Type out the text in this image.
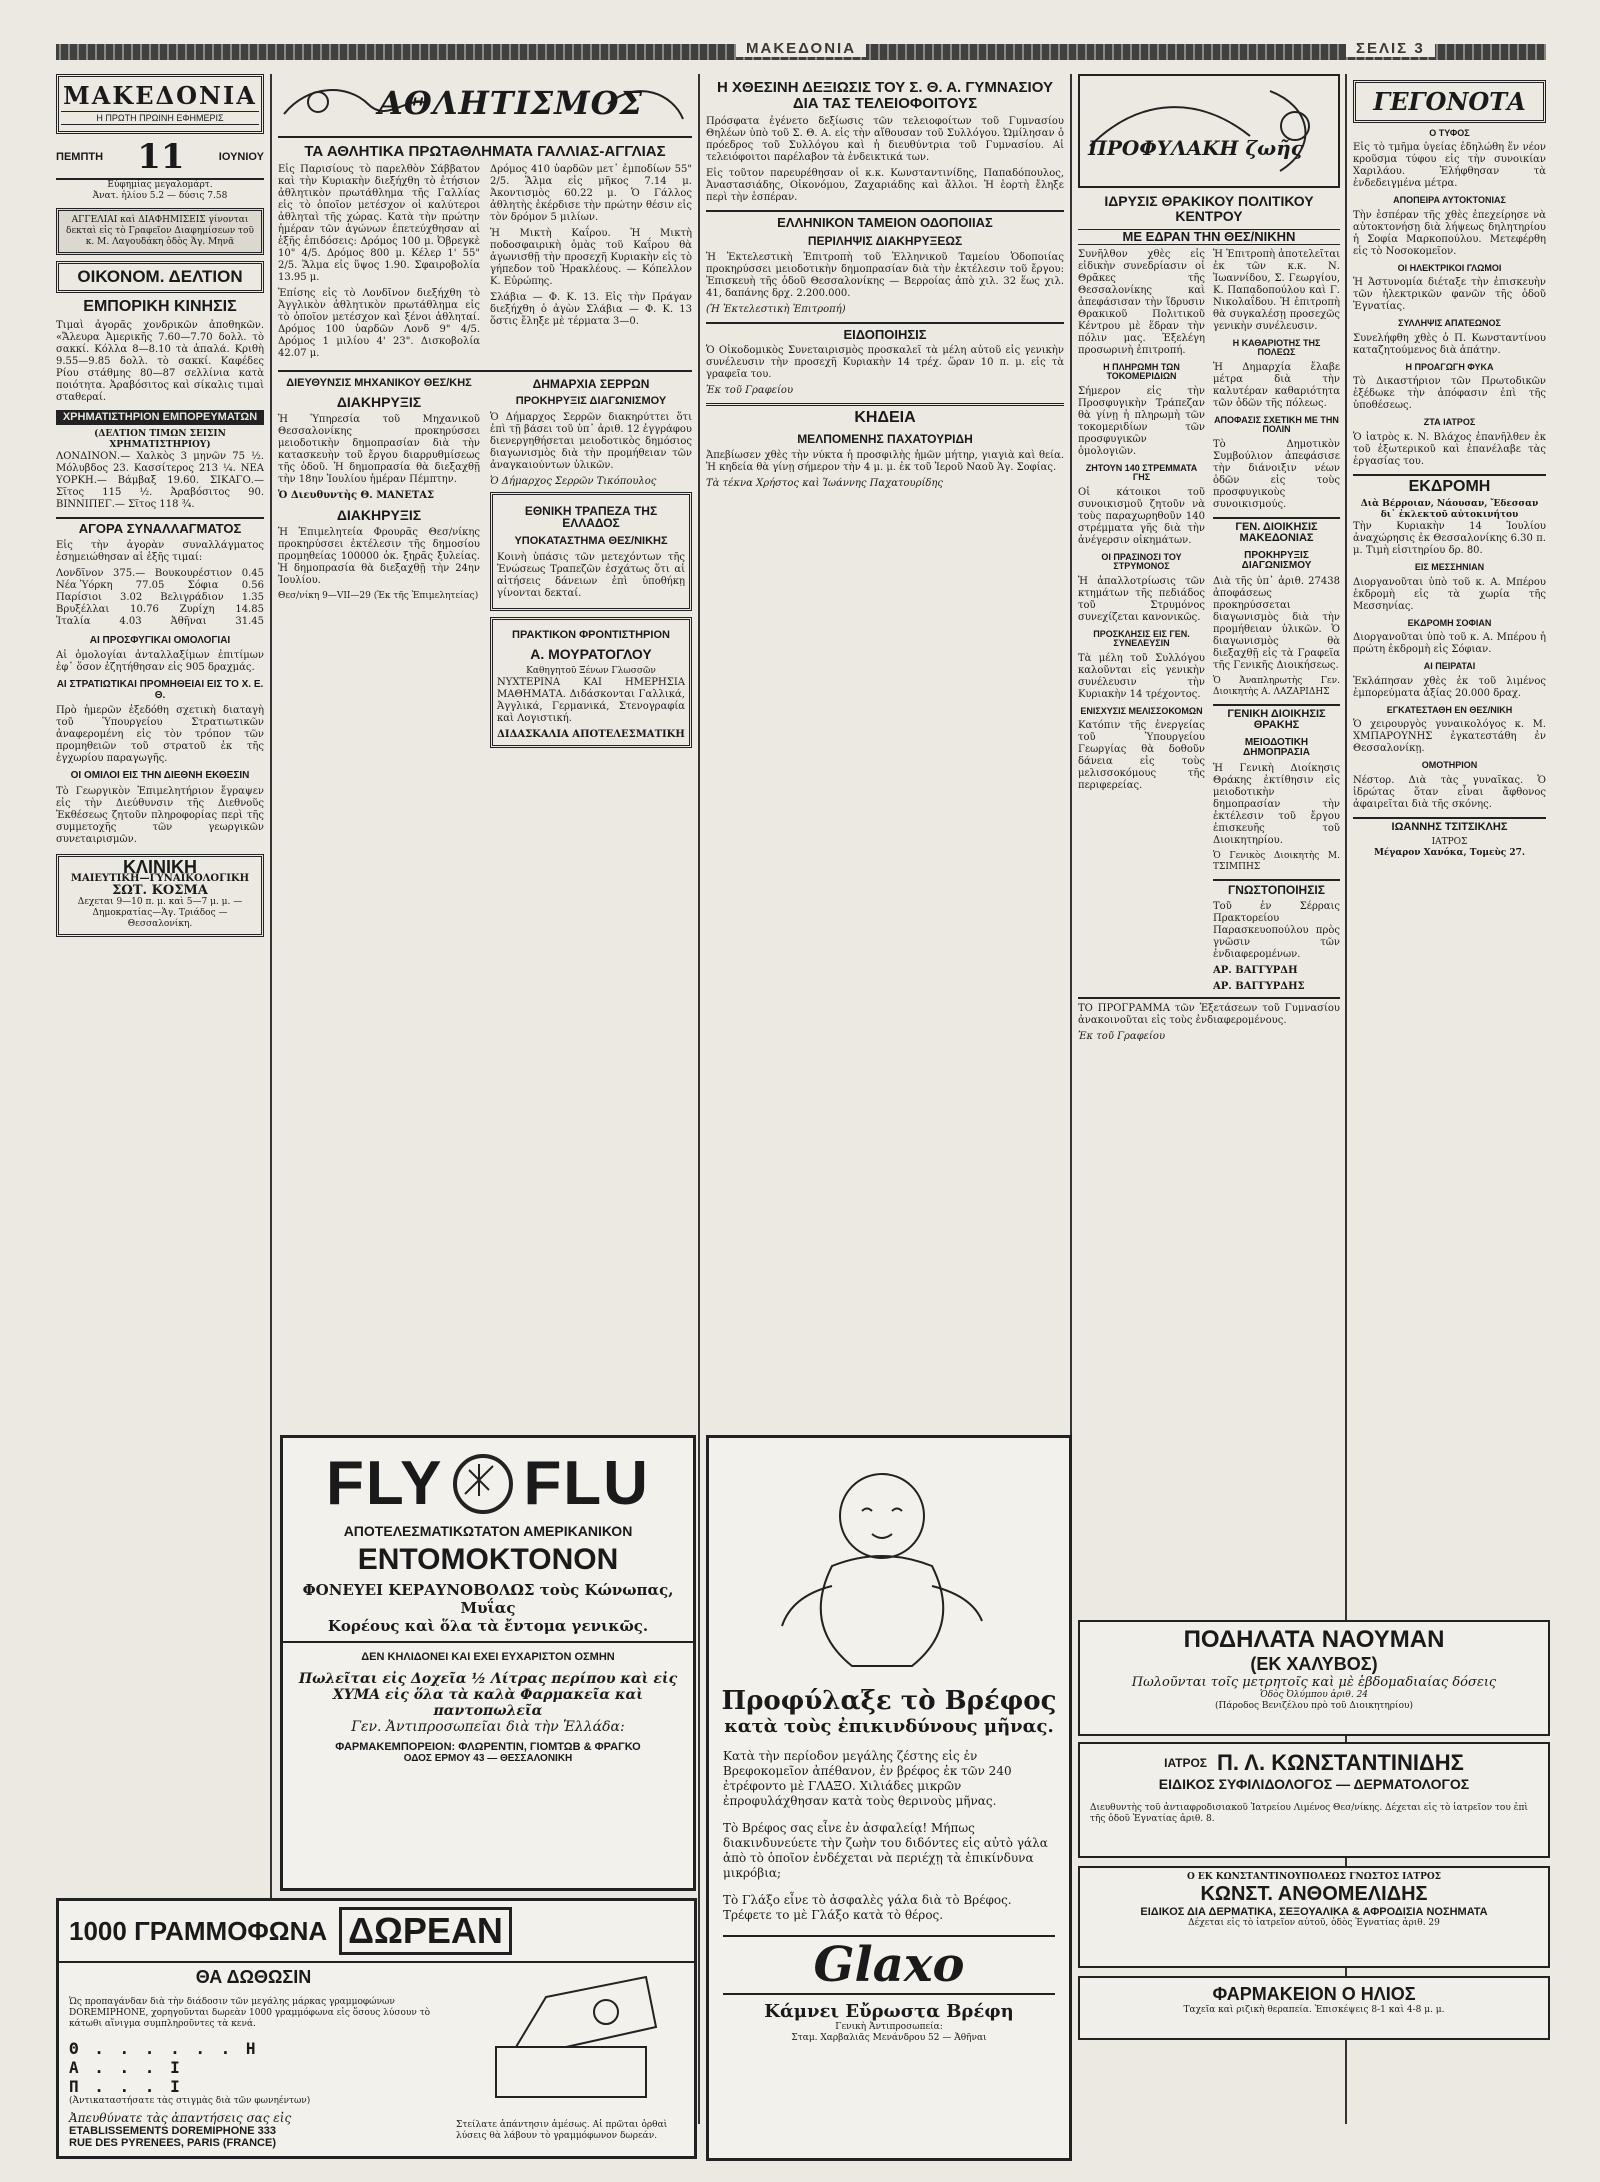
ΜΑΚΕΔΟΝΙΑ	ΣΕΛΙΣ 3
ΜΑΚΕΔΟΝΙΑ
Η ΠΡΩΤΗ ΠΡΩΙΝΗ ΕΦΗΜΕΡΙΣ
ΠΕΜΠΤΗ 11	ΙΟΥΝΙΟΥ
Εὐφημίας μεγαλομάρτ.
Ἀνατ. ἡλίου 5.2 — δύσις 7.58
ΑΓΓΕΛΙΑΙ καὶ ΔΙΑΦΗΜΙΣΕΙΣ γίνονται δεκταὶ εἰς τὸ Γραφεῖον Διαφημίσεων τοῦ κ. Μ. Λαγουδάκη ὁδὸς Ἁγ. Μηνᾶ
ΟΙΚΟΝΟΜ. ΔΕΛΤΙΟΝ
ΕΜΠΟΡΙΚΗ ΚΙΝΗΣΙΣ

Τιμαὶ ἀγορᾶς χονδρικῶν ἀποθηκῶν. «Ἄλευρα Ἀμερικῆς 7.60—7.70 δολλ. τὸ σακκί. Κόλλα 8—8.10 τὰ ἀπαλά. Κριθὴ 9.55—9.85 δολλ. τὸ σακκί. Καφέδες Ρίου στάθμης 80—87 σελλίνια κατὰ ποιότητα. Ἀραβόσιτος καὶ σίκαλις τιμαὶ σταθεραί.

ΧΡΗΜΑΤΙΣΤΗΡΙΟΝ ΕΜΠΟΡΕΥΜΑΤΩΝ
(ΔΕΛΤΙΟΝ ΤΙΜΩΝ ΣΕΙΣΙΝ ΧΡΗΜΑΤΙΣΤΗΡΙΟΥ)

ΛΟΝΔΙΝΟΝ.— Χαλκὸς 3 μηνῶν 75 ½. Μόλυβδος 23. Κασσίτερος 213 ¼. ΝΕΑ ΥΟΡΚΗ.— Βάμβαξ 19.60. ΣΙΚΑΓΟ.— Σῖτος 115 ½. Ἀραβόσιτος 90. ΒΙΝΝΙΠΕΓ.— Σῖτος 118 ¾.

ΑΓΟΡΑ ΣΥΝΑΛΛΑΓΜΑΤΟΣ

Εἰς τὴν ἀγορὰν συναλλάγματος ἐσημειώθησαν αἱ ἑξῆς τιμαί:

Λονδῖνον 375.— Βουκουρέστιον 0.45
Νέα Ὑόρκη 77.05 Σόφια 0.56
Παρίσιοι 3.02 Βελιγράδιον 1.35
Βρυξέλλαι 10.76 Ζυρίχη 14.85
Ἰταλία	4.03	Ἀθῆναι	31.45
ΑΙ ΠΡΟΣΦΥΓΙΚΑΙ ΟΜΟΛΟΓΙΑΙ

Αἱ ὁμολογίαι ἀνταλλαξίμων ἐπιτίμων ἐφ᾽ ὅσον ἐζητήθησαν εἰς 905 δραχμάς.

ΑΙ ΣΤΡΑΤΙΩΤΙΚΑΙ ΠΡΟΜΗΘΕΙΑΙ ΕΙΣ ΤΟ Χ. Ε. Θ.

Πρὸ ἡμερῶν ἐξεδόθη σχετικὴ διαταγὴ τοῦ Ὑπουργείου Στρατιωτικῶν ἀναφερομένη εἰς τὸν τρόπον τῶν προμηθειῶν τοῦ στρατοῦ ἐκ τῆς ἐγχωρίου παραγωγῆς.

ΟΙ ΟΜΙΛΟΙ ΕΙΣ ΤΗΝ ΔΙΕΘΝΗ ΕΚΘΕΣΙΝ

Τὸ Γεωργικὸν Ἐπιμελητήριον ἔγραψεν εἰς τὴν Διεύθυνσιν τῆς Διεθνοῦς Ἐκθέσεως ζητοῦν πληροφορίας περὶ τῆς συμμετοχῆς τῶν γεωργικῶν συνεταιρισμῶν.

ΚΛΙΝΙΚΗ
ΜΑΙΕΥΤΙΚΗ—ΓΥΝΑΙΚΟΛΟΓΙΚΗ
ΣΩΤ. ΚΟΣΜΑ
Δεχεται 9—10 π. μ. καὶ 5—7 μ. μ. — Δημοκρατίας—Ἁγ. Τριάδος — Θεσσαλονίκη.
ΑΘΛΗΤΙΣΜΟΣ
ΤΑ ΑΘΛΗΤΙΚΑ ΠΡΩΤΑΘΛΗΜΑΤΑ ΓΑΛΛΙΑΣ-ΑΓΓΛΙΑΣ

Εἰς Παρισίους τὸ παρελθὸν Σάββατον καὶ τὴν Κυριακὴν διεξήχθη τὸ ἐτήσιον ἀθλητικὸν πρωτάθλημα τῆς Γαλλίας εἰς τὸ ὁποῖον μετέσχον οἱ καλύτεροι ἀθληταὶ τῆς χώρας. Κατὰ τὴν πρώτην ἡμέραν τῶν ἀγώνων ἐπετεύχθησαν αἱ ἑξῆς ἐπιδόσεις: Δρόμος 100 μ. Ὀβρεγκὲ 10" 4/5. Δρόμος 800 μ. Κέλερ 1' 55" 2/5. Ἅλμα εἰς ὕψος 1.90. Σφαιροβολία 13.95 μ.

Ἐπίσης εἰς τὸ Λονδῖνον διεξήχθη τὸ Ἀγγλικὸν ἀθλητικὸν πρωτάθλημα εἰς τὸ ὁποῖον μετέσχον καὶ ξένοι ἀθληταί. Δρόμος 100 ὑαρδῶν Λονδ 9" 4/5. Δρόμος 1 μιλίου 4' 23". Δισκοβολία 42.07 μ.

Δρόμος 410 ὑαρδῶν μετ᾽ ἐμποδίων 55" 2/5. Ἅλμα εἰς μῆκος 7.14 μ. Ἀκοντισμὸς 60.22 μ. Ὁ Γάλλος ἀθλητὴς ἐκέρδισε τὴν πρώτην θέσιν εἰς τὸν δρόμον 5 μιλίων.

Ἡ Μικτὴ Καΐρου. Ἡ Μικτὴ ποδοσφαιρικὴ ὁμὰς τοῦ Καΐρου θὰ ἀγωνισθῇ τὴν προσεχῆ Κυριακὴν εἰς τὸ γήπεδον τοῦ Ἡρακλέους. — Κόπελλον Κ. Εὐρώπης.

Σλάβια — Φ. Κ. 13. Εἰς τὴν Πράγαν διεξήχθη ὁ ἀγὼν Σλάβια — Φ. Κ. 13 ὅστις ἔληξε μὲ τέρματα 3—0.

ΔΙΕΥΘΥΝΣΙΣ ΜΗΧΑΝΙΚΟΥ ΘΕΣ/ΚΗΣ
ΔΙΑΚΗΡΥΞΙΣ

Ἡ Ὑπηρεσία τοῦ Μηχανικοῦ Θεσσαλονίκης προκηρύσσει μειοδοτικὴν δημοπρασίαν διὰ τὴν κατασκευὴν τοῦ ἔργου διαρρυθμίσεως τῆς ὁδοῦ. Ἡ δημοπρασία θὰ διεξαχθῇ τὴν 18ην Ἰουλίου ἡμέραν Πέμπτην.

Ὁ Διευθυντὴς Θ. ΜΑΝΕΤΑΣ

ΔΙΑΚΗΡΥΞΙΣ

Ἡ Ἐπιμελητεία Φρουρᾶς Θεσ/νίκης προκηρύσσει ἐκτέλεσιν τῆς δημοσίου προμηθείας 100000 ὀκ. ξηρᾶς ξυλείας. Ἡ δημοπρασία θὰ διεξαχθῇ τὴν 24ην Ἰουλίου.

Θεσ/νίκη 9—VII—29 (Ἐκ τῆς Ἐπιμελητείας)

ΔΗΜΑΡΧΙΑ ΣΕΡΡΩΝ
ΠΡΟΚΗΡΥΞΙΣ ΔΙΑΓΩΝΙΣΜΟΥ

Ὁ Δήμαρχος Σερρῶν διακηρύττει ὅτι ἐπὶ τῇ βάσει τοῦ ὑπ᾽ ἀριθ. 12 ἐγγράφου διενεργηθήσεται μειοδοτικὸς δημόσιος διαγωνισμὸς διὰ τὴν προμήθειαν τῶν ἀναγκαιούντων ὑλικῶν.

Ὁ Δήμαρχος Σερρῶν Τικόπουλος

ΕΘΝΙΚΗ ΤΡΑΠΕΖΑ ΤΗΣ ΕΛΛΑΔΟΣ
ΥΠΟΚΑΤΑΣΤΗΜΑ ΘΕΣ/ΝΙΚΗΣ

Κοινὴ ὑπάσις τῶν μετεχόντων τῆς Ἐνώσεως Τραπεζῶν ἐσχάτως ὅτι αἱ αἰτήσεις δάνειων ἐπὶ ὑποθήκῃ γίνονται δεκταί.

ΠΡΑΚΤΙΚΟΝ ΦΡΟΝΤΙΣΤΗΡΙΟΝ
Α. ΜΟΥΡΑΤΟΓΛΟΥ
Καθηγητοῦ Ξένων Γλωσσῶν

ΝΥΧΤΕΡΙΝΑ ΚΑΙ ΗΜΕΡΗΣΙΑ ΜΑΘΗΜΑΤΑ. Διδάσκονται Γαλλικά, Ἀγγλικά, Γερμανικά, Στενογραφία καὶ Λογιστική.

ΔΙΔΑΣΚΑΛΙΑ ΑΠΟΤΕΛΕΣΜΑΤΙΚΗ
Η ΧΘΕΣΙΝΗ ΔΕΞΙΩΣΙΣ ΤΟΥ Σ. Θ. Α. ΓΥΜΝΑΣΙΟΥ ΔΙΑ ΤΑΣ ΤΕΛΕΙΟΦΟΙΤΟΥΣ

Πρόσφατα ἐγένετο δεξίωσις τῶν τελειοφοίτων τοῦ Γυμνασίου Θηλέων ὑπὸ τοῦ Σ. Θ. Α. εἰς τὴν αἴθουσαν τοῦ Συλλόγου. Ὡμίλησαν ὁ πρόεδρος τοῦ Συλλόγου καὶ ἡ διευθύντρια τοῦ Γυμνασίου. Αἱ τελειόφοιτοι παρέλαβον τὰ ἐνδεικτικά των.

Εἰς τοῦτον παρευρέθησαν οἱ κ.κ. Κωνσταντινίδης, Παπαδόπουλος, Ἀναστασιάδης, Οἰκονόμου, Ζαχαριάδης καὶ ἄλλοι. Ἡ ἑορτὴ ἔληξε περὶ τὴν ἑσπέραν.

ΕΛΛΗΝΙΚΟΝ ΤΑΜΕΙΟΝ ΟΔΟΠΟΙΙΑΣ
ΠΕΡΙΛΗΨΙΣ ΔΙΑΚΗΡΥΞΕΩΣ

Ἡ Ἐκτελεστικὴ Ἐπιτροπὴ τοῦ Ἑλληνικοῦ Ταμείου Ὁδοποιίας προκηρύσσει μειοδοτικὴν δημοπρασίαν διὰ τὴν ἐκτέλεσιν τοῦ ἔργου: Ἐπισκευὴ τῆς ὁδοῦ Θεσσαλονίκης — Βερροίας ἀπὸ χιλ. 32 ἕως χιλ. 41, δαπάνης δρχ. 2.200.000.

(Ἡ Ἐκτελεστικὴ Ἐπιτροπή)

ΕΙΔΟΠΟΙΗΣΙΣ

Ὁ Οἰκοδομικὸς Συνεταιρισμὸς προσκαλεῖ τὰ μέλη αὐτοῦ εἰς γενικὴν συνέλευσιν τὴν προσεχῆ Κυριακὴν 14 τρέχ. ὥραν 10 π. μ. εἰς τὰ γραφεῖα του.

Ἐκ τοῦ Γραφείου

ΚΗΔΕΙΑ
ΜΕΛΠΟΜΕΝΗΣ ΠΑΧΑΤΟΥΡΙΔΗ

Ἀπεβίωσεν χθὲς τὴν νύκτα ἡ προσφιλὴς ἡμῶν μήτηρ, γιαγιὰ καὶ θεία. Ἡ κηδεία θὰ γίνῃ σήμερον τὴν 4 μ. μ. ἐκ τοῦ Ἱεροῦ Ναοῦ Ἁγ. Σοφίας.

Τὰ τέκνα Χρήστος καὶ Ἰωάννης Παχατουρίδης

ΠΡΟΦΥΛΑΚΗ ζωῆς
ΙΔΡΥΣΙΣ ΘΡΑΚΙΚΟΥ ΠΟΛΙΤΙΚΟΥ ΚΕΝΤΡΟΥ
ΜΕ ΕΔΡΑΝ ΤΗΝ ΘΕΣ/ΝΙΚΗΝ

Συνῆλθον χθὲς εἰς εἰδικὴν συνεδρίασιν οἱ Θρᾶκες τῆς Θεσσαλονίκης καὶ ἀπεφάσισαν τὴν ἵδρυσιν Θρακικοῦ Πολιτικοῦ Κέντρου μὲ ἕδραν τὴν πόλιν μας. Ἐξελέγη προσωρινὴ ἐπιτροπή.

Η ΠΛΗΡΩΜΗ ΤΩΝ ΤΟΚΟΜΕΡΙΔΙΩΝ

Σήμερον εἰς τὴν Προσφυγικὴν Τράπεζαν θὰ γίνῃ ἡ πληρωμὴ τῶν τοκομεριδίων τῶν προσφυγικῶν ὁμολογιῶν.

ΖΗΤΟΥΝ 140 ΣΤΡΕΜΜΑΤΑ ΓΗΣ

Οἱ κάτοικοι τοῦ συνοικισμοῦ ζητοῦν νὰ τοὺς παραχωρηθοῦν 140 στρέμματα γῆς διὰ τὴν ἀνέγερσιν οἰκημάτων.

ΟΙ ΠΡΑΣΙΝΟΣΙ ΤΟΥ ΣΤΡΥΜΟΝΟΣ

Ἡ ἀπαλλοτρίωσις τῶν κτημάτων τῆς πεδιάδος τοῦ Στρυμόνος συνεχίζεται κανονικῶς.

ΠΡΟΣΚΛΗΣΙΣ ΕΙΣ ΓΕΝ. ΣΥΝΕΛΕΥΣΙΝ

Τὰ μέλη τοῦ Συλλόγου καλοῦνται εἰς γενικὴν συνέλευσιν τὴν Κυριακὴν 14 τρέχοντος.

ΕΝΙΣΧΥΣΙΣ ΜΕΛΙΣΣΟΚΟΜΩΝ

Κατόπιν τῆς ἐνεργείας τοῦ Ὑπουργείου Γεωργίας θὰ δοθοῦν δάνεια εἰς τοὺς μελισσοκόμους τῆς περιφερείας.

Ἡ Ἐπιτροπὴ ἀποτελεῖται ἐκ τῶν κ.κ. Ν. Ἰωαννίδου, Σ. Γεωργίου, Κ. Παπαδοπούλου καὶ Γ. Νικολαΐδου. Ἡ ἐπιτροπὴ θὰ συγκαλέσῃ προσεχῶς γενικὴν συνέλευσιν.

Η ΚΑΘΑΡΙΟΤΗΣ ΤΗΣ ΠΟΛΕΩΣ

Ἡ Δημαρχία ἔλαβε μέτρα διὰ τὴν καλυτέραν καθαριότητα τῶν ὁδῶν τῆς πόλεως.

ΑΠΟΦΑΣΙΣ ΣΧΕΤΙΚΗ ΜΕ ΤΗΝ ΠΟΛΙΝ

Τὸ Δημοτικὸν Συμβούλιον ἀπεφάσισε τὴν διάνοιξιν νέων ὁδῶν εἰς τοὺς προσφυγικοὺς συνοικισμούς.

ΓΕΝ. ΔΙΟΙΚΗΣΙΣ ΜΑΚΕΔΟΝΙΑΣ
ΠΡΟΚΗΡΥΞΙΣ ΔΙΑΓΩΝΙΣΜΟΥ

Διὰ τῆς ὑπ᾽ ἀριθ. 27438 ἀποφάσεως προκηρύσσεται διαγωνισμὸς διὰ τὴν προμήθειαν ὑλικῶν. Ὁ διαγωνισμὸς θὰ διεξαχθῇ εἰς τὰ Γραφεῖα τῆς Γενικῆς Διοικήσεως.

Ὁ Ἀναπληρωτὴς Γεν. Διοικητὴς Α. ΛΑΖΑΡΙΔΗΣ

ΓΕΝΙΚΗ ΔΙΟΙΚΗΣΙΣ ΘΡΑΚΗΣ
ΜΕΙΟΔΟΤΙΚΗ ΔΗΜΟΠΡΑΣΙΑ

Ἡ Γενικὴ Διοίκησις Θράκης ἐκτίθησιν εἰς μειοδοτικὴν δημοπρασίαν τὴν ἐκτέλεσιν τοῦ ἔργου ἐπισκευῆς τοῦ Διοικητηρίου.

Ὁ Γενικὸς Διοικητὴς Μ. ΤΣΙΜΠΗΣ

ΓΝΩΣΤΟΠΟΙΗΣΙΣ

Τοῦ ἐν Σέρραις Πρακτορείου Παρασκευοπούλου πρὸς γνῶσιν τῶν ἐνδιαφερομένων.

ΑΡ. ΒΑΓΓΥΡΔΗ

ΑΡ. ΒΑΓΓΥΡΔΗΣ

ΤΟ ΠΡΟΓΡΑΜΜΑ τῶν Ἐξετάσεων τοῦ Γυμνασίου ἀνακοινοῦται εἰς τοὺς ἐνδιαφερομένους.

Ἐκ τοῦ Γραφείου

ΓΕΓΟΝΟΤΑ
Ο ΤΥΦΟΣ

Εἰς τὸ τμῆμα ὑγείας ἐδηλώθη ἕν νέον κροῦσμα τύφου εἰς τὴν συνοικίαν Χαριλάου. Ἐλήφθησαν τὰ ἐνδεδειγμένα μέτρα.

ΑΠΟΠΕΙΡΑ ΑΥΤΟΚΤΟΝΙΑΣ

Τὴν ἑσπέραν τῆς χθὲς ἐπεχείρησε νὰ αὐτοκτονήσῃ διὰ λήψεως δηλητηρίου ἡ Σοφία Μαρκοπούλου. Μετεφέρθη εἰς τὸ Νοσοκομεῖον.

ΟΙ ΗΛΕΚΤΡΙΚΟΙ ΓΛΩΜΟΙ

Ἡ Ἀστυνομία διέταξε τὴν ἐπισκευὴν τῶν ἠλεκτρικῶν φανῶν τῆς ὁδοῦ Ἐγνατίας.

ΣΥΛΛΗΨΙΣ ΑΠΑΤΕΩΝΟΣ

Συνελήφθη χθὲς ὁ Π. Κωνσταντίνου καταζητούμενος διὰ ἀπάτην.

Η ΠΡΟΑΓΩΓΗ ΦΥΚΑ

Τὸ Δικαστήριον τῶν Πρωτοδικῶν ἐξέδωκε τὴν ἀπόφασιν ἐπὶ τῆς ὑποθέσεως.

ΖΤΑ ΙΑΤΡΟΣ

Ὁ ἰατρὸς κ. Ν. Βλάχος ἐπανῆλθεν ἐκ τοῦ ἐξωτερικοῦ καὶ ἐπανέλαβε τὰς ἐργασίας του.

ΕΚΔΡΟΜΗ
Διὰ Βέρροιαν, Νάουσαν, Ἔδεσσαν δι᾽ ἐκλεκτοῦ αὐτοκινήτου

Τὴν Κυριακὴν 14 Ἰουλίου ἀναχώρησις ἐκ Θεσσαλονίκης 6.30 π. μ. Τιμὴ εἰσιτηρίου δρ. 80.

ΕΙΣ ΜΕΣΣΗΝΙΑΝ

Διοργανοῦται ὑπὸ τοῦ κ. Α. Μπέρου ἐκδρομὴ εἰς τὰ χωρία τῆς Μεσσηνίας.

ΕΚΔΡΟΜΗ ΣΟΦΙΑΝ

Διοργανοῦται ὑπὸ τοῦ κ. Α. Μπέρου ἡ πρώτη ἐκδρομὴ εἰς Σόφιαν.

ΑΙ ΠΕΙΡΑΤΑΙ

Ἐκλάπησαν χθὲς ἐκ τοῦ λιμένος ἐμπορεύματα ἀξίας 20.000 δραχ.

ΕΓΚΑΤΕΣΤΑΘΗ ΕΝ ΘΕΣ/ΝΙΚΗ

Ὁ χειρουργὸς γυναικολόγος κ. Μ. ΧΜΠΑΡΟΥΝΗΣ ἐγκατεστάθη ἐν Θεσσαλονίκῃ.

ΟΜΟΤΗΡΙΟΝ

Νέστορ. Διὰ τὰς γυναῖκας. Ὁ ἰδρώτας ὅταν εἶναι ἄφθονος ἀφαιρεῖται διὰ τῆς σκόνης.

ΙΩΑΝΝΗΣ ΤΣΙΤΣΙΚΛΗΣ
ΙΑΤΡΟΣ
Μέγαρον Χανόκα, Τομεὺς 27.
FLY FLU
ΑΠΟΤΕΛΕΣΜΑΤΙΚΩΤΑΤΟΝ ΑΜΕΡΙΚΑΝΙΚΟΝ
ΕΝΤΟΜΟΚΤΟΝΟΝ
ΦΟΝΕΥΕΙ ΚΕΡΑΥΝΟΒΟΛΩΣ τοὺς Κώνωπας, Μυΐας
Κορέους καὶ ὅλα τὰ ἔντομα γενικῶς.
ΔΕΝ ΚΗΛΙΔΟΝΕΙ ΚΑΙ ΕΧΕΙ ΕΥΧΑΡΙΣΤΟΝ ΟΣΜΗΝ
Πωλεῖται εἰς Δοχεῖα ½ Λίτρας περίπου καὶ εἰς
ΧΥΜΑ εἰς ὅλα τὰ καλὰ Φαρμακεῖα καὶ παντοπωλεῖα
Γεν. Ἀντιπροσωπεῖαι διὰ τὴν Ἑλλάδα:
ΦΑΡΜΑΚΕΜΠΟΡΕΙΟΝ: ΦΛΩΡΕΝΤΙΝ, ΓΙΟΜΤΩΒ & ΦΡΑΓΚΟ
ΟΔΟΣ ΕΡΜΟΥ 43 — ΘΕΣΣΑΛΟΝΙΚΗ
1000 ΓΡΑΜΜΟΦΩΝΑ ΔΩΡΕΑΝ
ΘΑ ΔΩΘΩΣΙΝ

Ὡς προπαγάνδαν διὰ τὴν διάδοσιν τῶν μεγάλης μάρκας γραμμοφώνων DOREMIPHONE, χορηγοῦνται δωρεὰν 1000 γραμμόφωνα εἰς ὅσους λύσουν τὸ κάτωθι αἴνιγμα συμπληροῦντες τὰ κενά.

Θ . . . . . . Η
Α . . . Ι
Π . . . Ι
(Ἀντικαταστήσατε τὰς στιγμὰς διὰ τῶν φωνηέντων)
Ἀπευθύνατε τὰς ἀπαντήσεις σας εἰς
ETABLISSEMENTS DOREMIPHONE 333
RUE DES PYRENEES, PARIS (FRANCE)

Στείλατε ἀπάντησιν ἀμέσως. Αἱ πρῶται ὀρθαὶ λύσεις θὰ λάβουν τὸ γραμμόφωνον δωρεάν.

Προφύλαξε τὸ Βρέφος
κατὰ τοὺς ἐπικινδύνους μῆνας.

Κατὰ τὴν περίοδον μεγάλης ζέστης εἰς ἐν Βρεφοκομεῖον ἀπέθανον, ἐν βρέφος ἐκ τῶν 240 ἐτρέφοντο μὲ ΓΛΑΞΟ. Χιλιάδες μικρῶν ἐπροφυλάχθησαν κατὰ τοὺς θερινοὺς μῆνας.

Τὸ Βρέφος σας εἶνε ἐν ἀσφαλείᾳ! Μήπως διακινδυνεύετε τὴν ζωὴν του διδόντες εἰς αὐτὸ γάλα ἀπὸ τὸ ὁποῖον ἐνδέχεται νὰ περιέχῃ τὰ ἐπικίνδυνα μικρόβια;

Τὸ Γλάξο εἶνε τὸ ἀσφαλὲς γάλα διὰ τὸ Βρέφος. Τρέφετε το μὲ Γλάξο κατὰ τὸ θέρος.

Glaxo
Κάμνει Εὔρωστα Βρέφη
Γενικὴ Ἀντιπροσωπεία:
Σταμ. Χαρβαλιᾶς Μενάνδρου 52 — Ἀθῆναι
ΠΟΔΗΛΑΤΑ ΝΑΟΥΜΑΝ
(ΕΚ ΧΑΛΥΒΟΣ)
Πωλοῦνται τοῖς μετρητοῖς καὶ μὲ ἑβδομαδιαίας δόσεις
Ὁδὸς Ὀλύμπου ἀριθ. 24
(Πάροδος Βενιζέλου πρὸ τοῦ Διοικητηρίου)
ΙΑΤΡΟΣ Π. Λ. ΚΩΝΣΤΑΝΤΙΝΙΔΗΣ
ΕΙΔΙΚΟΣ ΣΥΦΙΛΙΔΟΛΟΓΟΣ — ΔΕΡΜΑΤΟΛΟΓΟΣ

Διευθυντὴς τοῦ ἀντιαφροδισιακοῦ Ἰατρείου Λιμένος Θεσ/νίκης. Δέχεται εἰς τὸ ἰατρεῖον του ἐπὶ τῆς ὁδοῦ Ἐγνατίας ἀριθ. 8.

Ο ΕΚ ΚΩΝΣΤΑΝΤΙΝΟΥΠΟΛΕΩΣ ΓΝΩΣΤΟΣ ΙΑΤΡΟΣ
ΚΩΝΣΤ. ΑΝΘΟΜΕΛΙΔΗΣ
ΕΙΔΙΚΟΣ ΔΙΑ ΔΕΡΜΑΤΙΚΑ, ΣΕΞΟΥΑΛΙΚΑ & ΑΦΡΟΔΙΣΙΑ ΝΟΣΗΜΑΤΑ
Δέχεται εἰς τὸ ἰατρεῖον αὐτοῦ, ὁδὸς Ἐγνατίας ἀριθ. 29
ΦΑΡΜΑΚΕΙΟΝ Ο ΗΛΙΟΣ
Ταχεῖα καὶ ριζικὴ θεραπεία. Ἐπισκέψεις 8-1 καὶ 4-8 μ. μ.
